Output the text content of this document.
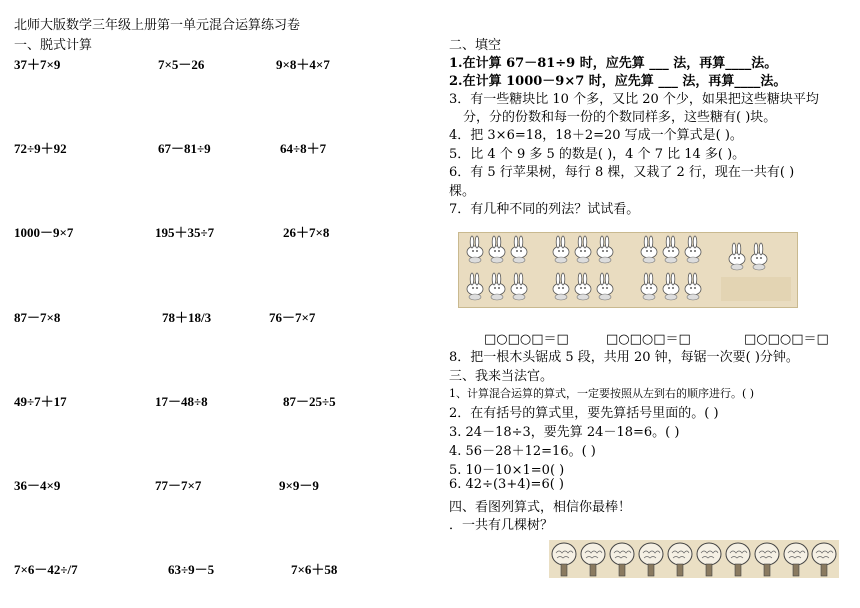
北师大版数学三年级上册第一单元混合运算练习卷
一、脱式计算
37＋7×9	7×5－26	9×8＋4×7
72÷9＋92	67－81÷9	64÷8＋7
1000－9×7	195＋35÷7	26＋7×8
87－7×8	78＋18/3	76－7×7
49÷7＋17	17－48÷8	87－25÷5
36－4×9	77－7×7	9×9－9
7×6－42÷/7	63÷9－5	7×6＋58
二、填空
1.在计算 67－81÷9 时，应先算 ___ 法，再算____法。
2.在计算 1000－9×7 时，应先算 ___ 法，再算____法。
3．有一些糖块比 10 个多，又比 20 个少，如果把这些糖块平均
分，分的份数和每一份的个数同样多，这些糖有( )块。
4．把 3×6=18，18＋2=20 写成一个算式是( )。
5．比 4 个 9 多 5 的数是( )，4 个 7 比 14 多( )。
6．有 5 行苹果树，每行 8 棵，又栽了 2 行，现在一共有( )
棵。
7．有几种不同的列法？试试看。
□○□○□＝□	□○□○□＝□	□○□○□＝□
8．把一根木头锯成 5 段，共用 20 钟，每锯一次要( )分钟。
三、我来当法官。
1、计算混合运算的算式，一定要按照从左到右的顺序进行。( )
2．在有括号的算式里，要先算括号里面的。( )
3. 24－18÷3，要先算 24－18=6。( )
4. 56－28＋12=16。( )
5. 10－10×1=0( )
6. 42÷(3+4)=6( )
四、看图列算式，相信你最棒！
．一共有几棵树？
